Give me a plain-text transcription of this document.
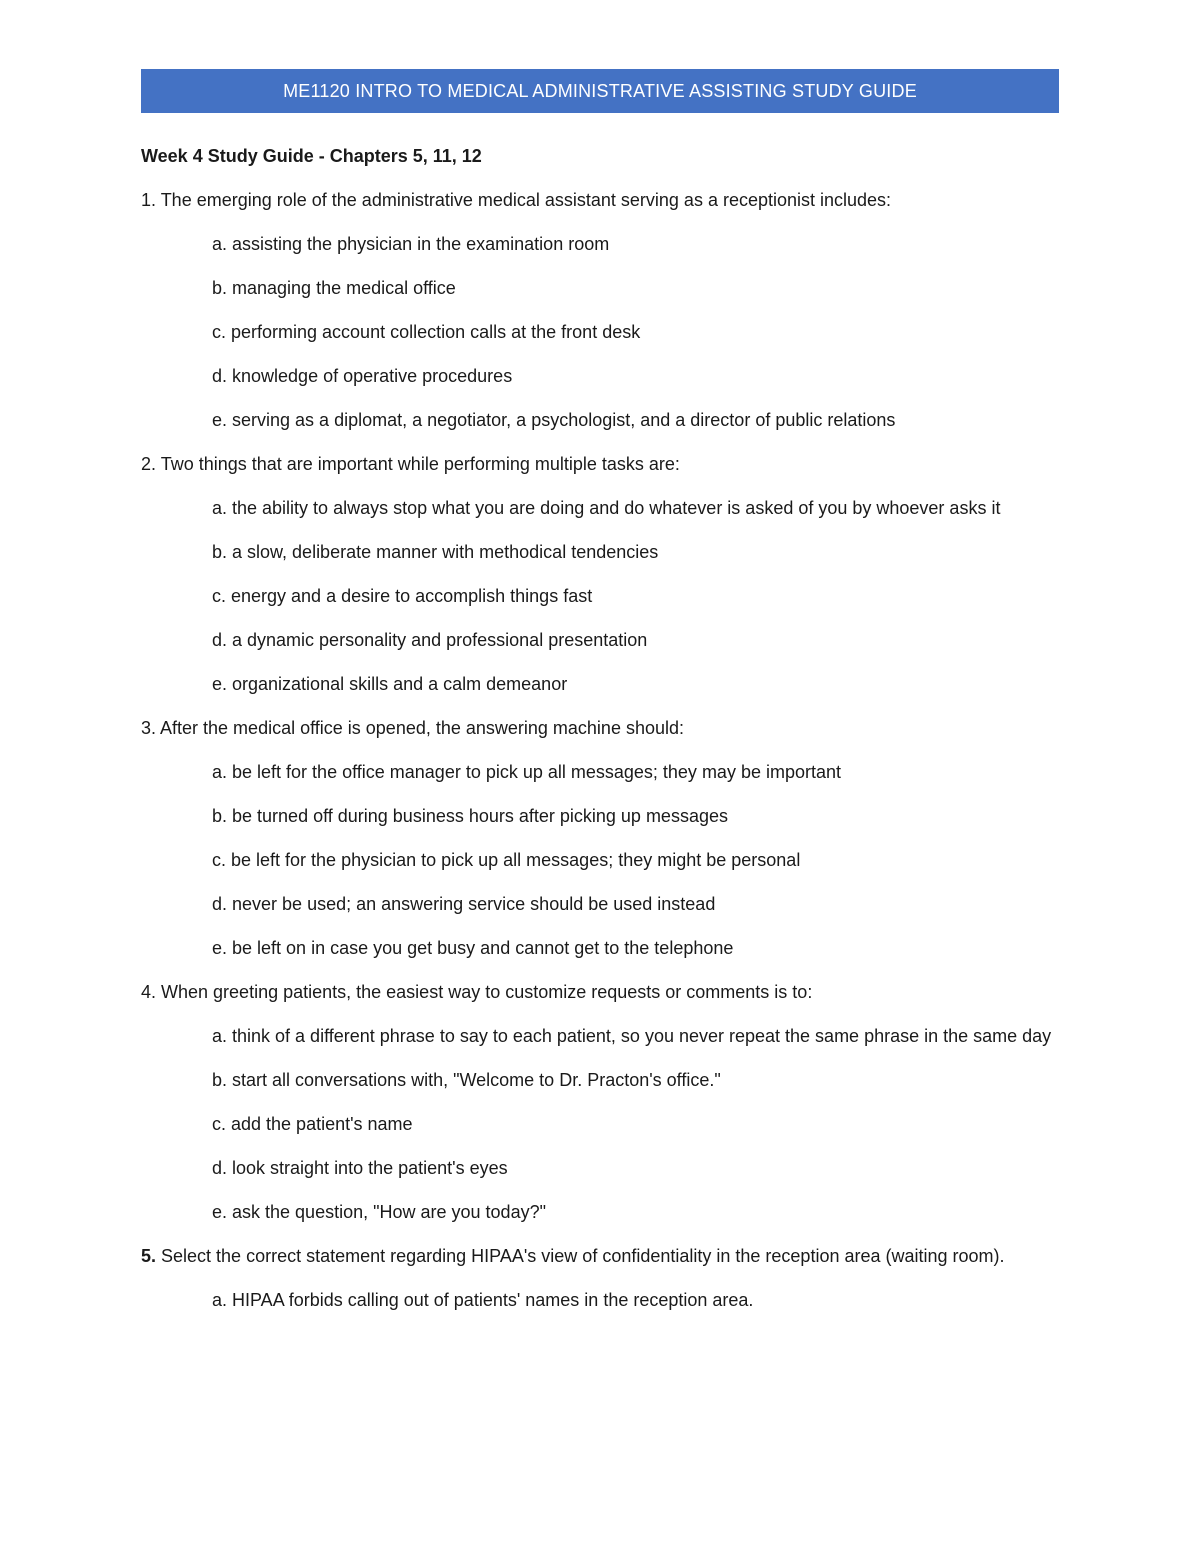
ME1120 INTRO TO MEDICAL ADMINISTRATIVE ASSISTING STUDY GUIDE
Week 4 Study Guide - Chapters 5, 11, 12
1. The emerging role of the administrative medical assistant serving as a receptionist includes:
a. assisting the physician in the examination room
b. managing the medical office
c. performing account collection calls at the front desk
d. knowledge of operative procedures
e. serving as a diplomat, a negotiator, a psychologist, and a director of public relations
2. Two things that are important while performing multiple tasks are:
a. the ability to always stop what you are doing and do whatever is asked of you by whoever asks it
b. a slow, deliberate manner with methodical tendencies
c. energy and a desire to accomplish things fast
d. a dynamic personality and professional presentation
e. organizational skills and a calm demeanor
3. After the medical office is opened, the answering machine should:
a. be left for the office manager to pick up all messages; they may be important
b. be turned off during business hours after picking up messages
c. be left for the physician to pick up all messages; they might be personal
d. never be used; an answering service should be used instead
e. be left on in case you get busy and cannot get to the telephone
4. When greeting patients, the easiest way to customize requests or comments is to:
a. think of a different phrase to say to each patient, so you never repeat the same phrase in the same day
b. start all conversations with, "Welcome to Dr. Practon's office."
c. add the patient's name
d. look straight into the patient's eyes
e. ask the question, "How are you today?"
5. Select the correct statement regarding HIPAA's view of confidentiality in the reception area (waiting room).
a. HIPAA forbids calling out of patients' names in the reception area.
